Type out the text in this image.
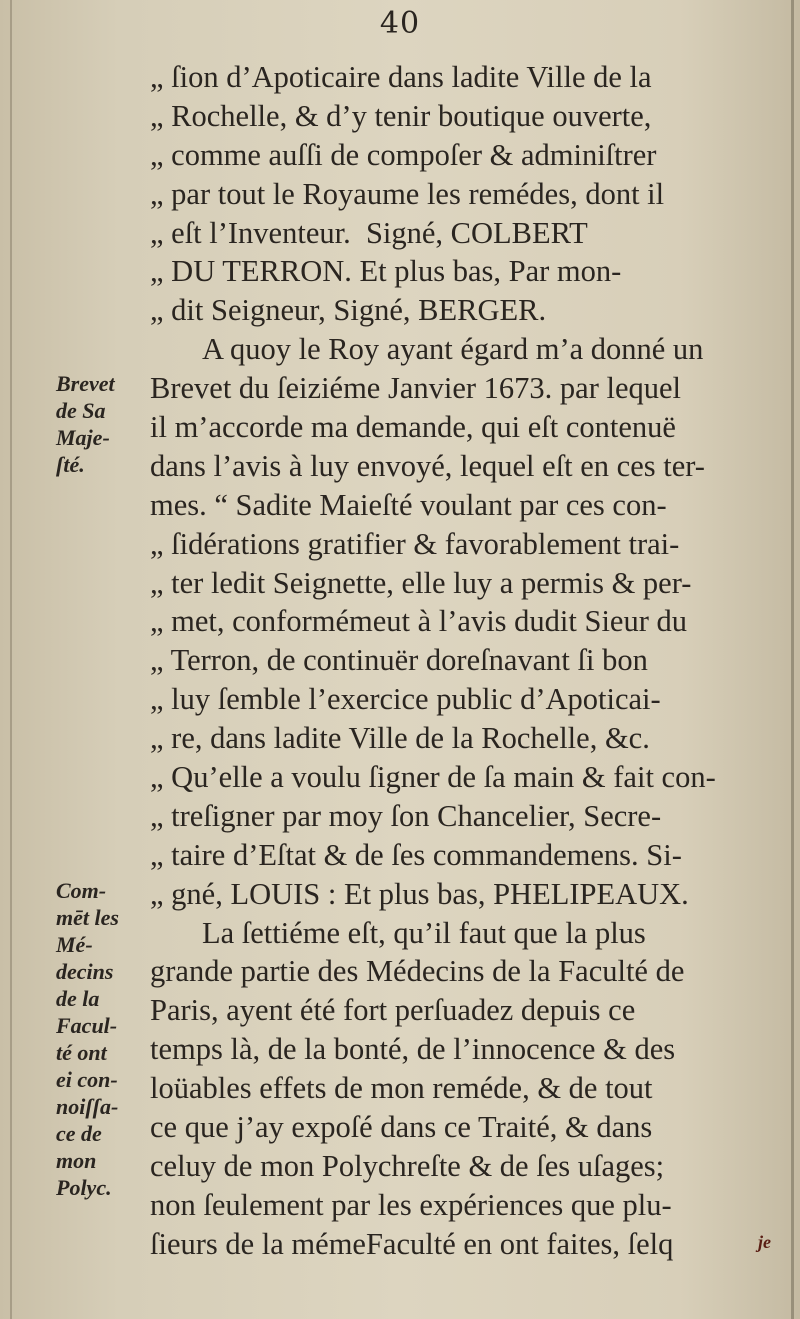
40
„ ſion d’Apoticaire dans ladite Ville de la
„ Rochelle, & d’y tenir boutique ouverte,
„ comme auſſi de compoſer & adminiſtrer
„ par tout le Royaume les remédes, dont il
„ eſt l’Inventeur.  Signé, COLBERT
„ DU TERRON. Et plus bas, Par mon-
„ dit Seigneur, Signé, BERGER.
A quoy le Roy ayant égard m’a donné un
Brevet du ſeiziéme Janvier 1673. par lequel
il m’accorde ma demande, qui eſt contenuë
dans l’avis à luy envoyé, lequel eſt en ces ter-
mes. “ Sadite Maieſté voulant par ces con-
„ ſidérations gratifier & favorablement trai-
„ ter ledit Seignette, elle luy a permis & per-
„ met, conformémeut à l’avis dudit Sieur du
„ Terron, de continuër doreſnavant ſi bon
„ luy ſemble l’exercice public d’Apoticai-
„ re, dans ladite Ville de la Rochelle, &c.
„ Qu’elle a voulu ſigner de ſa main & fait con-
„ treſigner par moy ſon Chancelier, Secre-
„ taire d’Eſtat & de ſes commandemens. Si-
„ gné, LOUIS : Et plus bas, PHELIPEAUX.
La ſettiéme eſt, qu’il faut que la plus
grande partie des Médecins de la Faculté de
Paris, ayent été fort perſuadez depuis ce
temps là, de la bonté, de l’innocence & des
loüables effets de mon reméde, & de tout
ce que j’ay expoſé dans ce Traité, & dans
celuy de mon Polychreſte & de ſes uſages;
non ſeulement par les expériences que plu-
ſieurs de la mémeFaculté en ont faites, ſelq
Brevet
de Sa
Maje-
ſté.
Com-
mēt les
Mé-
decins
de la
Facul-
té ont
ei con-
noiſſa-
ce de
mon
Polyc.
je
